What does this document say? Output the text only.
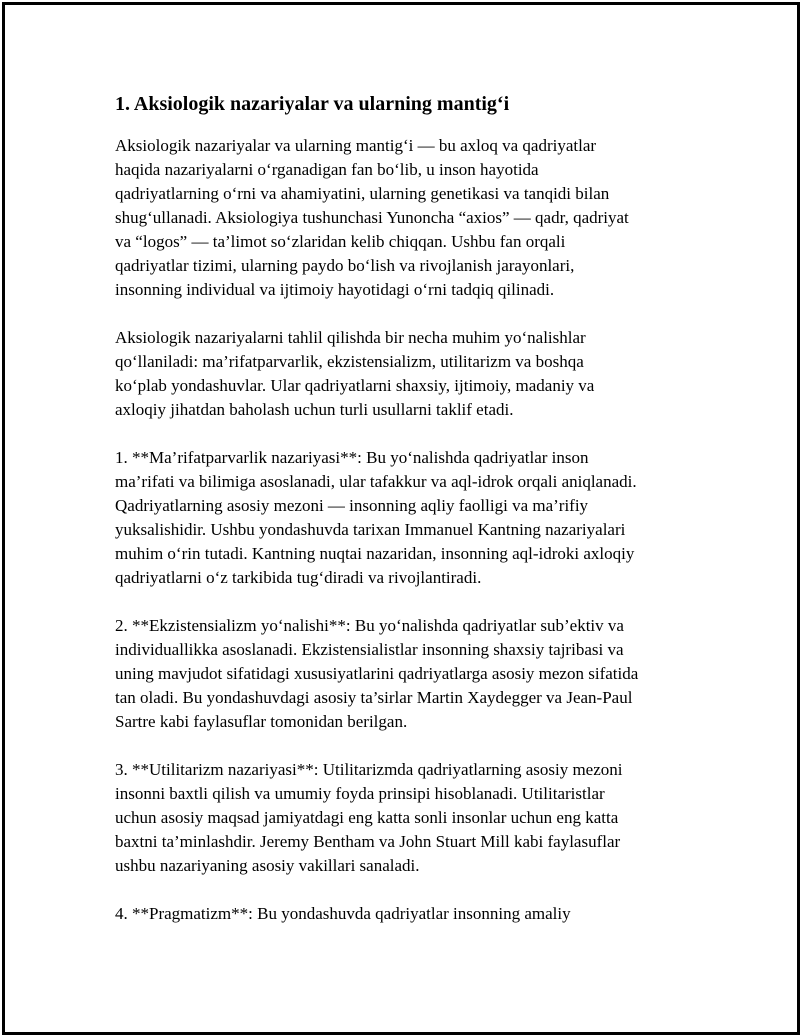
1. Aksiologik nazariyalar va ularning mantig‘i

Aksiologik nazariyalar va ularning mantig‘i — bu axloq va qadriyatlar
haqida nazariyalarni o‘rganadigan fan bo‘lib, u inson hayotida
qadriyatlarning o‘rni va ahamiyatini, ularning genetikasi va tanqidi bilan
shug‘ullanadi. Aksiologiya tushunchasi Yunoncha “axios” — qadr, qadriyat
va “logos” — ta’limot so‘zlaridan kelib chiqqan. Ushbu fan orqali
qadriyatlar tizimi, ularning paydo bo‘lish va rivojlanish jarayonlari,
insonning individual va ijtimoiy hayotidagi o‘rni tadqiq qilinadi.

Aksiologik nazariyalarni tahlil qilishda bir necha muhim yo‘nalishlar
qo‘llaniladi: ma’rifatparvarlik, ekzistensializm, utilitarizm va boshqa
ko‘plab yondashuvlar. Ular qadriyatlarni shaxsiy, ijtimoiy, madaniy va
axloqiy jihatdan baholash uchun turli usullarni taklif etadi.

1. **Ma’rifatparvarlik nazariyasi**: Bu yo‘nalishda qadriyatlar inson
ma’rifati va bilimiga asoslanadi, ular tafakkur va aql-idrok orqali aniqlanadi.
Qadriyatlarning asosiy mezoni — insonning aqliy faolligi va ma’rifiy
yuksalishidir. Ushbu yondashuvda tarixan Immanuel Kantning nazariyalari
muhim o‘rin tutadi. Kantning nuqtai nazaridan, insonning aql-idroki axloqiy
qadriyatlarni o‘z tarkibida tug‘diradi va rivojlantiradi.

2. **Ekzistensializm yo‘nalishi**: Bu yo‘nalishda qadriyatlar sub’ektiv va
individuallikka asoslanadi. Ekzistensialistlar insonning shaxsiy tajribasi va
uning mavjudot sifatidagi xususiyatlarini qadriyatlarga asosiy mezon sifatida
tan oladi. Bu yondashuvdagi asosiy ta’sirlar Martin Xaydegger va Jean-Paul
Sartre kabi faylasuflar tomonidan berilgan.

3. **Utilitarizm nazariyasi**: Utilitarizmda qadriyatlarning asosiy mezoni
insonni baxtli qilish va umumiy foyda prinsipi hisoblanadi. Utilitaristlar
uchun asosiy maqsad jamiyatdagi eng katta sonli insonlar uchun eng katta
baxtni ta’minlashdir. Jeremy Bentham va John Stuart Mill kabi faylasuflar
ushbu nazariyaning asosiy vakillari sanaladi.

4. **Pragmatizm**: Bu yondashuvda qadriyatlar insonning amaliy
